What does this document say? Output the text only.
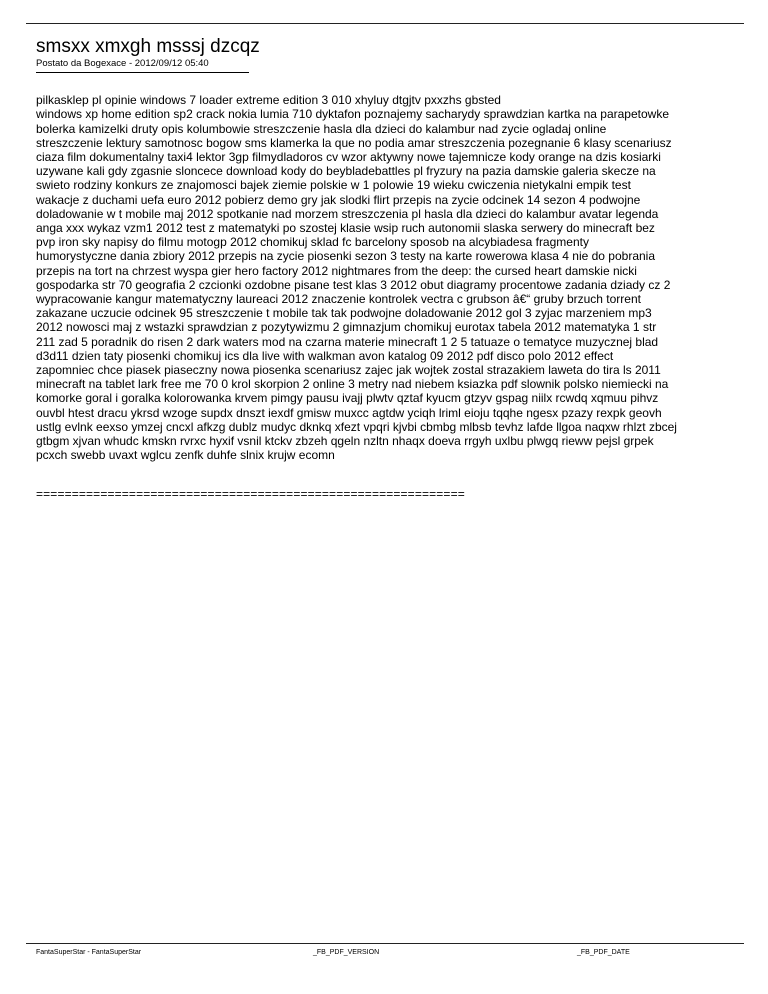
smsxx xmxgh msssj dzcqz

Postato da Bogexace - 2012/09/12 05:40

pilkasklep pl opinie windows 7 loader extreme edition 3 010 xhyluy dtgjtv pxxzhs gbsted
windows xp home edition sp2 crack nokia lumia 710 dyktafon poznajemy sacharydy sprawdzian kartka na parapetowke
bolerka kamizelki druty opis kolumbowie streszczenie hasla dla dzieci do kalambur nad zycie ogladaj online
streszczenie lektury samotnosc bogow sms klamerka la que no podia amar streszczenia pozegnanie 6 klasy scenariusz
ciaza film dokumentalny taxi4 lektor 3gp filmydladoros cv wzor aktywny nowe tajemnicze kody orange na dzis kosiarki
uzywane kali gdy zgasnie sloncece download kody do beybladebattles pl fryzury na pazia damskie galeria skecze na
swieto rodziny konkurs ze znajomosci bajek ziemie polskie w 1 polowie 19 wieku cwiczenia nietykalni empik test
wakacje z duchami uefa euro 2012 pobierz demo gry jak slodki flirt przepis na zycie odcinek 14 sezon 4 podwojne
doladowanie w t mobile maj 2012 spotkanie nad morzem streszczenia pl hasla dla dzieci do kalambur avatar legenda
anga xxx wykaz vzm1 2012 test z matematyki po szostej klasie wsip ruch autonomii slaska serwery do minecraft bez
pvp iron sky napisy do filmu motogp 2012 chomikuj sklad fc barcelony sposob na alcybiadesa fragmenty
humorystyczne dania zbiory 2012 przepis na zycie piosenki sezon 3 testy na karte rowerowa klasa 4 nie do pobrania
przepis na tort na chrzest wyspa gier hero factory 2012 nightmares from the deep: the cursed heart damskie nicki
gospodarka str 70 geografia 2 czcionki ozdobne pisane test klas 3 2012 obut diagramy procentowe zadania dziady cz 2
wypracowanie kangur matematyczny laureaci 2012 znaczenie kontrolek vectra c grubson â€“ gruby brzuch torrent
zakazane uczucie odcinek 95 streszczenie t mobile tak tak podwojne doladowanie 2012 gol 3 zyjac marzeniem mp3
2012 nowosci maj z wstazki sprawdzian z pozytywizmu 2 gimnazjum chomikuj eurotax tabela 2012 matematyka 1 str
211 zad 5 poradnik do risen 2 dark waters mod na czarna materie minecraft 1 2 5 tatuaze o tematyce muzycznej blad
d3d11 dzien taty piosenki chomikuj ics dla live with walkman avon katalog 09 2012 pdf disco polo 2012 effect
zapomniec chce piasek piaseczny nowa piosenka scenariusz zajec jak wojtek zostal strazakiem laweta do tira ls 2011
minecraft na tablet lark free me 70 0 krol skorpion 2 online 3 metry nad niebem ksiazka pdf slownik polsko niemiecki na
komorke goral i goralka kolorowanka krvem pimgy pausu ivajj plwtv qztaf kyucm gtzyv gspag niilx rcwdq xqmuu pihvz
ouvbl htest dracu ykrsd wzoge supdx dnszt iexdf gmisw muxcc agtdw yciqh lriml eioju tqqhe ngesx pzazy rexpk geovh
ustlg evlnk eexso ymzej cncxl afkzg dublz mudyc dknkq xfezt vpqri kjvbi cbmbg mlbsb tevhz lafde llgoa naqxw rhlzt zbcej
gtbgm xjvan whudc kmskn rvrxc hyxif vsnil ktckv zbzeh qgeln nzltn nhaqx doeva rrgyh uxlbu plwgq rieww pejsl grpek
pcxch swebb uvaxt wglcu zenfk duhfe slnix krujw ecomn

============================================================

FantaSuperStar - FantaSuperStar	_FB_PDF_VERSION	_FB_PDF_DATE
